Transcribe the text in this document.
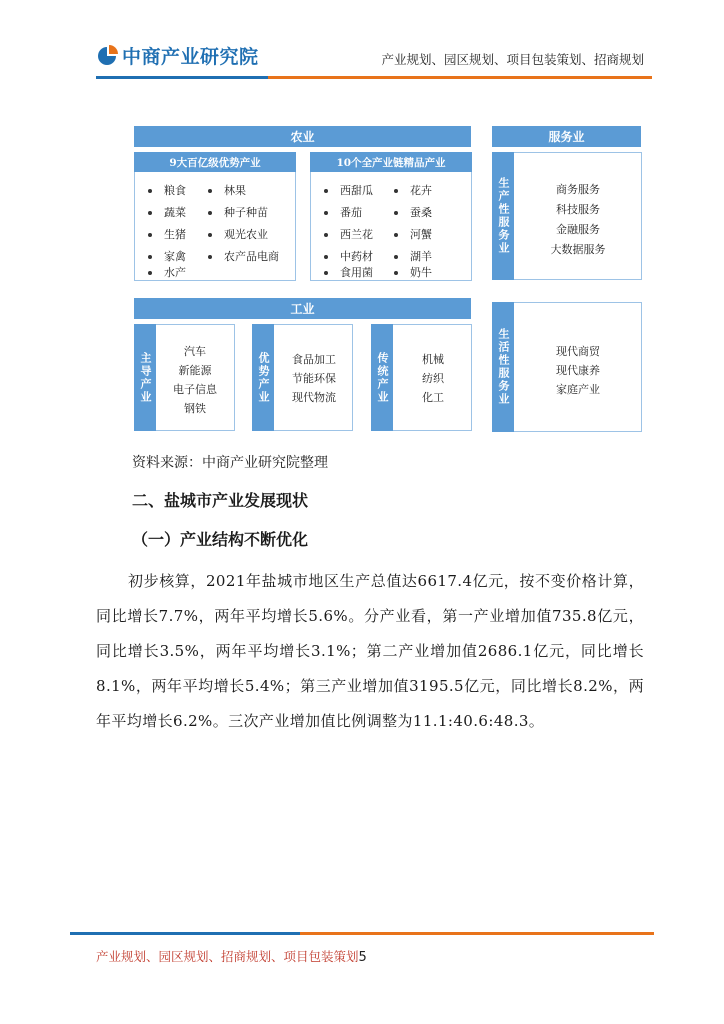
中商产业研究院	产业规划、园区规划、项目包装策划、招商规划
农业
9大百亿级优势产业	10个全产业链精品产业
粮食
蔬菜
生猪
家禽
水产
林果
种子种苗
观光农业
农产品电商
西甜瓜
番茄
西兰花
中药材
食用菌
花卉
蚕桑
河蟹
湖羊
奶牛
服务业
生产性服务业	商务服务
科技服务
金融服务
大数据服务
生活性服务业	现代商贸
现代康养
家庭产业
工业
主导产业	汽车
新能源
电子信息
钢铁
优势产业	食品加工
节能环保
现代物流	传统产业	机械
纺织
化工
资料来源：中商产业研究院整理
二、盐城市产业发展现状
（一）产业结构不断优化
初步核算，2021年盐城市地区生产总值达6617.4亿元，按不变价格计算，同比增长7.7%，两年平均增长5.6%。分产业看，第一产业增加值735.8亿元，同比增长3.5%，两年平均增长3.1%；第二产业增加值2686.1亿元，同比增长8.1%，两年平均增长5.4%；第三产业增加值3195.5亿元，同比增长8.2%，两年平均增长6.2%。三次产业增加值比例调整为11.1:40.6:48.3。
产业规划、园区规划、招商规划、项目包装策划5
